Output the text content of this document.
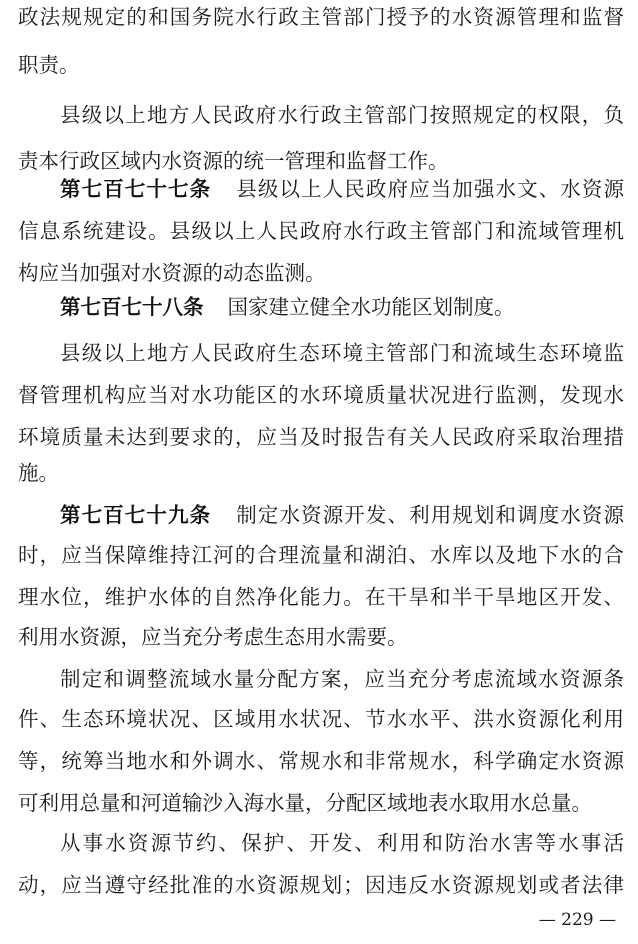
政法规规定的和国务院水行政主管部门授予的水资源管理和监督
职责。
县级以上地方人民政府水行政主管部门按照规定的权限，负
责本行政区域内水资源的统一管理和监督工作。
第七百七十七条 县级以上人民政府应当加强水文、水资源
信息系统建设。县级以上人民政府水行政主管部门和流域管理机
构应当加强对水资源的动态监测。
第七百七十八条 国家建立健全水功能区划制度。
县级以上地方人民政府生态环境主管部门和流域生态环境监
督管理机构应当对水功能区的水环境质量状况进行监测，发现水
环境质量未达到要求的，应当及时报告有关人民政府采取治理措
施。
第七百七十九条 制定水资源开发、利用规划和调度水资源
时，应当保障维持江河的合理流量和湖泊、水库以及地下水的合
理水位，维护水体的自然净化能力。在干旱和半干旱地区开发、
利用水资源，应当充分考虑生态用水需要。
制定和调整流域水量分配方案，应当充分考虑流域水资源条
件、生态环境状况、区域用水状况、节水水平、洪水资源化利用
等，统筹当地水和外调水、常规水和非常规水，科学确定水资源
可利用总量和河道输沙入海水量，分配区域地表水取用水总量。
从事水资源节约、保护、开发、利用和防治水害等水事活
动，应当遵守经批准的水资源规划；因违反水资源规划或者法律
— 229 —
